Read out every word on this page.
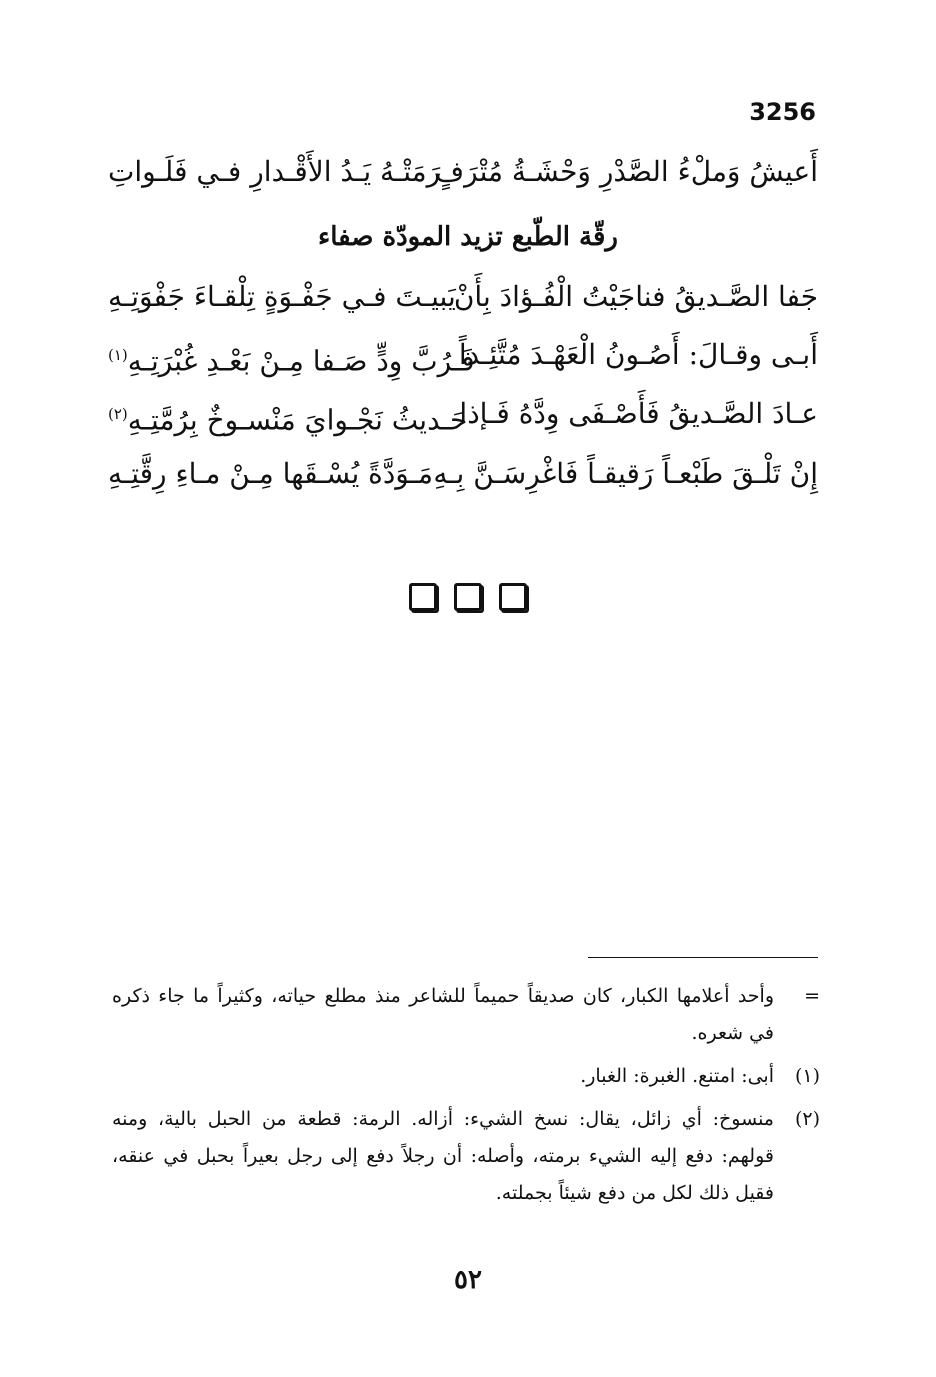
3256
أَعيشُ وَملْءُ الصَّدْرِ وَحْشَـةُ مُتْرَفٍ
رَمَتْـهُ يَـدُ الأَقْـدارِ فـي فَلَـواتِ
رقّة الطّبع تزيد المودّة صفاء
جَفا الصَّـديقُ فناجَيْتُ الْفُـؤادَ بِأَنْ
يَبيـتَ فـي جَفْـوَةٍ تِلْقـاءَ جَفْوَتِـهِ
أَبـى وقـالَ: أَصُـونُ الْعَهْـدَ مُتَّئِـداً
فَـرُبَّ وِدٍّ صَـفا مِـنْ بَعْـدِ غُبْرَتِـهِ$^{(١)}$
عـادَ الصَّـديقُ فَأَصْـفَى وِدَّهُ فَـإذا
حَـديثُ نَجْـوايَ مَنْسـوخٌ بِرُمَّتِـهِ$^{(٢)}$
إِنْ تَلْـقَ طَبْعـاً رَقيقـاً فَاغْرِسَـنَّ بِـهِ
مَـوَدَّةً يُسْـقَها مِـنْ مـاءِ رِقَّتِـهِ

=
وأحد أعلامها الكبار، كان صديقاً حميماً للشاعر منذ مطلع حياته، وكثيراً ما جاء ذكره في شعره.
(١)
أبى: امتنع. الغبرة: الغبار.
(٢)
منسوخ: أي زائل، يقال: نسخ الشيء: أزاله. الرمة: قطعة من الحبل بالية، ومنه قولهم: دفع إليه الشيء برمته، وأصله: أن رجلاً دفع إلى رجل بعيراً بحبل في عنقه، فقيل ذلك لكل من دفع شيئاً بجملته.
٥٢
